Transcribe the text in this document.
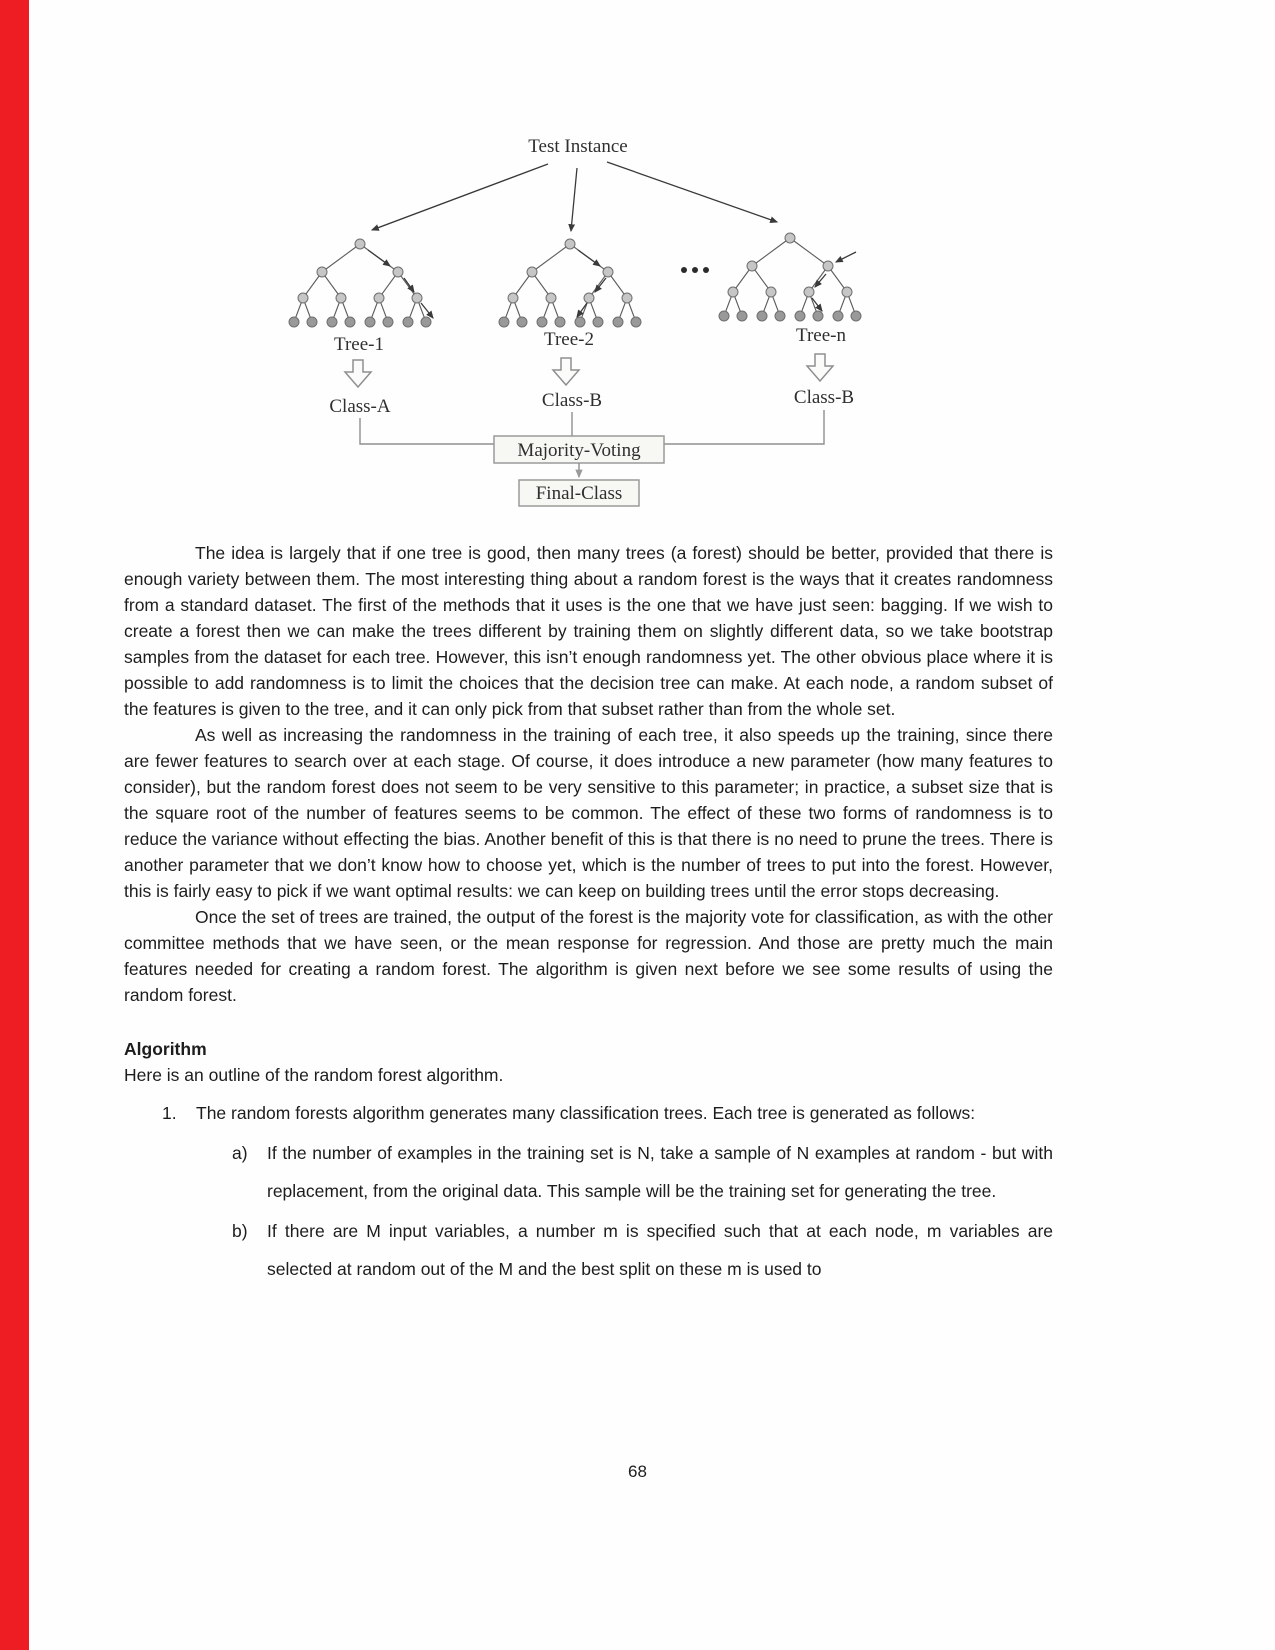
Test Instance
Tree-1	Tree-2	Tree-n
Class-A	Class-B	Class-B
Majority-Voting
Final-Class

The idea is largely that if one tree is good, then many trees (a forest) should be better, provided that there is enough variety between them. The most interesting thing about a random forest is the ways that it creates randomness from a standard dataset. The first of the methods that it uses is the one that we have just seen: bagging. If we wish to create a forest then we can make the trees different by training them on slightly different data, so we take bootstrap samples from the dataset for each tree. However, this isn’t enough randomness yet. The other obvious place where it is possible to add randomness is to limit the choices that the decision tree can make. At each node, a random subset of the features is given to the tree, and it can only pick from that subset rather than from the whole set.

As well as increasing the randomness in the training of each tree, it also speeds up the training, since there are fewer features to search over at each stage. Of course, it does introduce a new parameter (how many features to consider), but the random forest does not seem to be very sensitive to this parameter; in practice, a subset size that is the square root of the number of features seems to be common. The effect of these two forms of randomness is to reduce the variance without effecting the bias. Another benefit of this is that there is no need to prune the trees. There is another parameter that we don’t know how to choose yet, which is the number of trees to put into the forest. However, this is fairly easy to pick if we want optimal results: we can keep on building trees until the error stops decreasing.

Once the set of trees are trained, the output of the forest is the majority vote for classification, as with the other committee methods that we have seen, or the mean response for regression. And those are pretty much the main features needed for creating a random forest. The algorithm is given next before we see some results of using the random forest.

Algorithm

Here is an outline of the random forest algorithm.

1.	The random forests algorithm generates many classification trees. Each tree is generated as follows:
a)	If the number of examples in the training set is N, take a sample of N examples at random - but with replacement, from the original data. This sample will be the training set for generating the tree.
b)	If there are M input variables, a number m is specified such that at each node, m variables are selected at random out of the M and the best split on these m is used to
68
